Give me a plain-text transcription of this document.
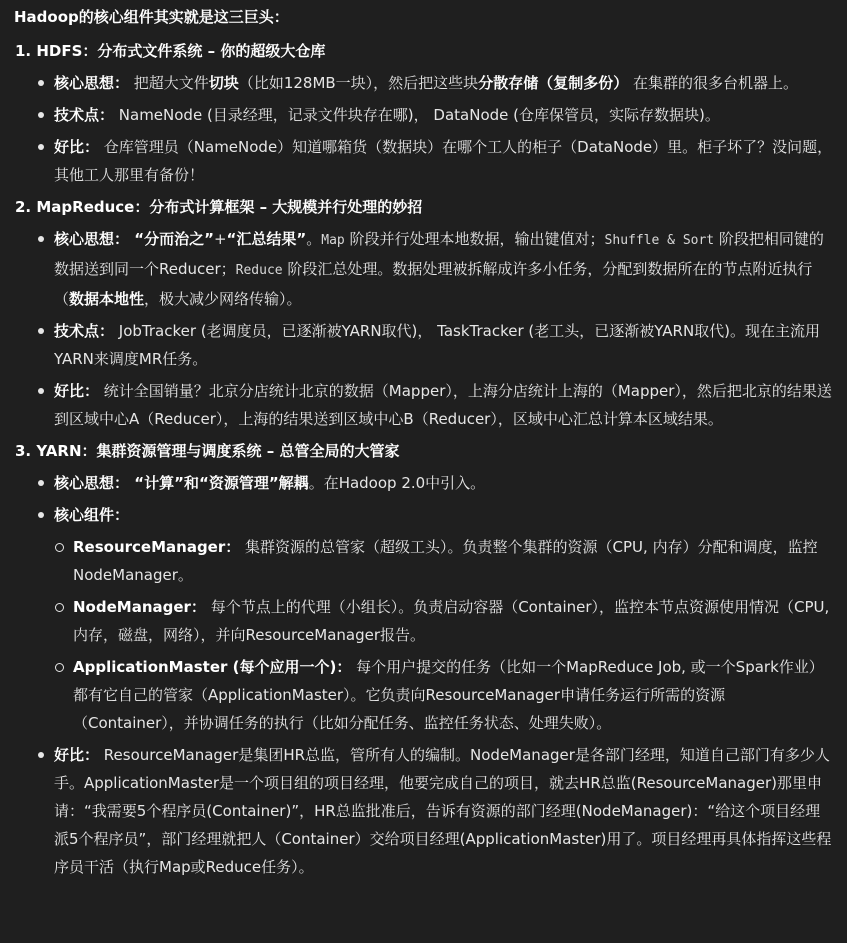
Hadoop的核心组件其实就是这三巨头：
1. HDFS：分布式文件系统 – 你的超级大仓库
核心思想： 把超大文件切块（比如128MB一块），然后把这些块分散存储（复制多份） 在集群的很多台机器上。
技术点： NameNode (目录经理，记录文件块存在哪)， DataNode (仓库保管员，实际存数据块)。
好比： 仓库管理员（NameNode）知道哪箱货（数据块）在哪个工人的柜子（DataNode）里。柜子坏了？没问题，其他工人那里有备份！
2. MapReduce：分布式计算框架 – 大规模并行处理的妙招
核心思想： “分而治之”+“汇总结果”。Map 阶段并行处理本地数据，输出键值对；Shuffle & Sort 阶段把相同键的数据送到同一个Reducer；Reduce 阶段汇总处理。数据处理被拆解成许多小任务，分配到数据所在的节点附近执行（数据本地性，极大减少网络传输）。
技术点： JobTracker (老调度员，已逐渐被YARN取代)， TaskTracker (老工头，已逐渐被YARN取代)。现在主流用YARN来调度MR任务。
好比： 统计全国销量？北京分店统计北京的数据（Mapper），上海分店统计上海的（Mapper），然后把北京的结果送到区域中心A（Reducer），上海的结果送到区域中心B（Reducer），区域中心汇总计算本区域结果。
3. YARN：集群资源管理与调度系统 – 总管全局的大管家
核心思想： “计算”和“资源管理”解耦。在Hadoop 2.0中引入。
核心组件：
ResourceManager： 集群资源的总管家（超级工头）。负责整个集群的资源（CPU, 内存）分配和调度，监控NodeManager。
NodeManager： 每个节点上的代理（小组长）。负责启动容器（Container），监控本节点资源使用情况（CPU, 内存，磁盘，网络），并向ResourceManager报告。
ApplicationMaster (每个应用一个)： 每个用户提交的任务（比如一个MapReduce Job, 或一个Spark作业）都有它自己的管家（ApplicationMaster）。它负责向ResourceManager申请任务运行所需的资源（Container），并协调任务的执行（比如分配任务、监控任务状态、处理失败）。
好比： ResourceManager是集团HR总监，管所有人的编制。NodeManager是各部门经理，知道自己部门有多少人手。ApplicationMaster是一个项目组的项目经理，他要完成自己的项目，就去HR总监(ResourceManager)那里申请：“我需要5个程序员(Container)”，HR总监批准后，告诉有资源的部门经理(NodeManager)：“给这个项目经理派5个程序员”，部门经理就把人（Container）交给项目经理(ApplicationMaster)用了。项目经理再具体指挥这些程序员干活（执行Map或Reduce任务）。
